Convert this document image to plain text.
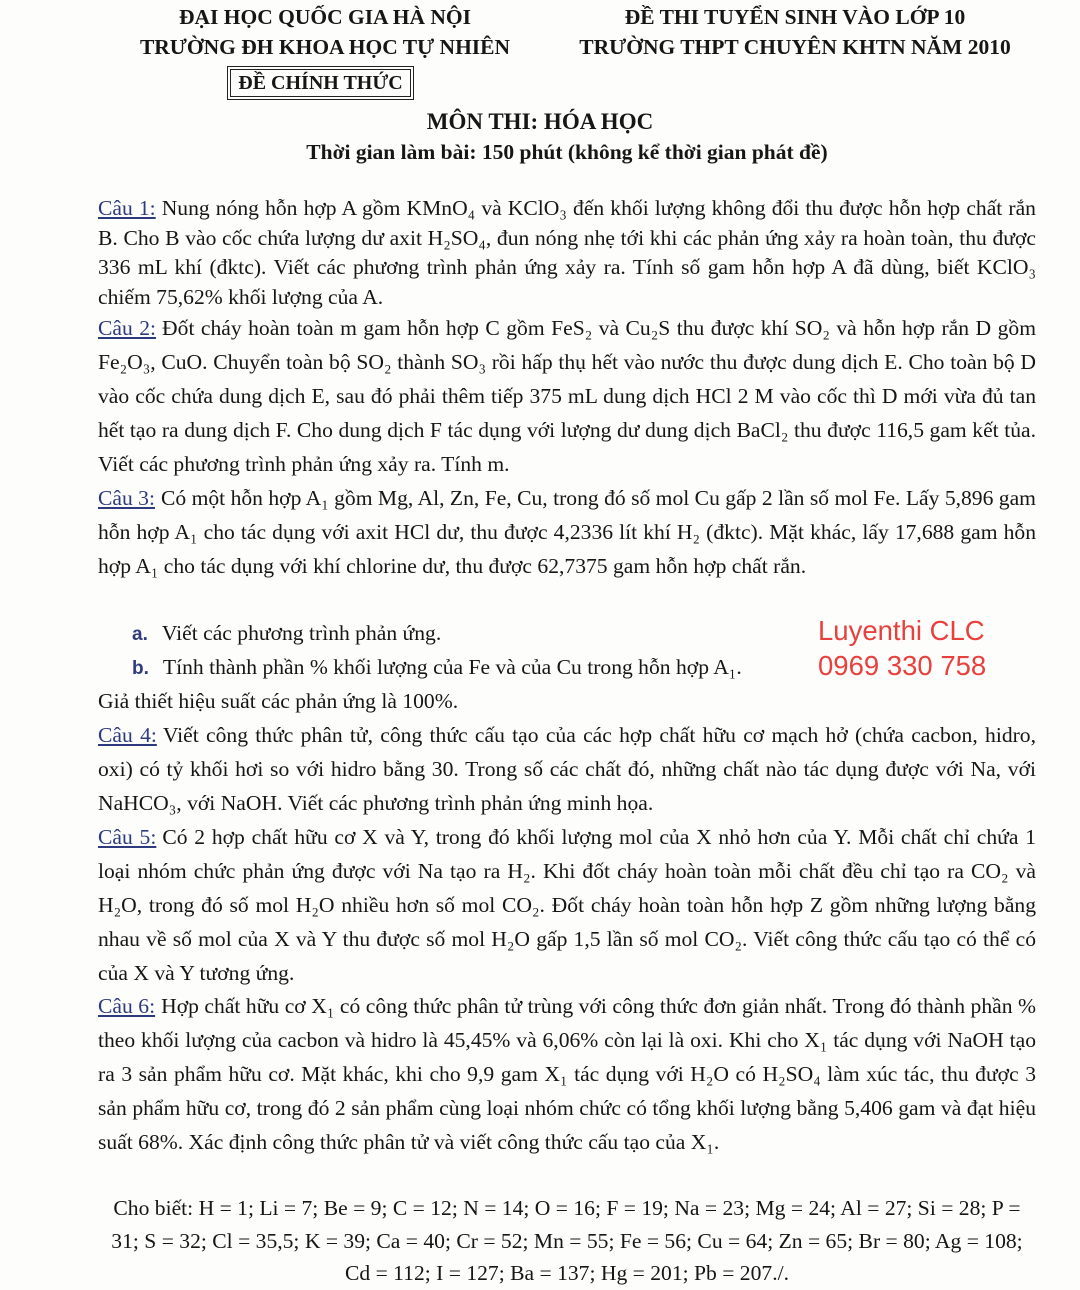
ĐẠI HỌC QUỐC GIA HÀ NỘI
TRƯỜNG ĐH KHOA HỌC TỰ NHIÊN
ĐỀ THI TUYỂN SINH VÀO LỚP 10
TRƯỜNG THPT CHUYÊN KHTN NĂM 2010
ĐỀ CHÍNH THỨC
MÔN THI: HÓA HỌC
Thời gian làm bài: 150 phút (không kể thời gian phát đề)
Câu 1: Nung nóng hỗn hợp A gồm KMnO₄ và KClO₃ đến khối lượng không đổi thu được hỗn hợp chất rắn B. Cho B vào cốc chứa lượng dư axit H₂SO₄, đun nóng nhẹ tới khi các phản ứng xảy ra hoàn toàn, thu được 336 mL khí (đktc). Viết các phương trình phản ứng xảy ra. Tính số gam hỗn hợp A đã dùng, biết KClO₃ chiếm 75,62% khối lượng của A.
Câu 2: Đốt cháy hoàn toàn m gam hỗn hợp C gồm FeS₂ và Cu₂S thu được khí SO₂ và hỗn hợp rắn D gồm Fe₂O₃, CuO. Chuyển toàn bộ SO₂ thành SO₃ rồi hấp thụ hết vào nước thu được dung dịch E. Cho toàn bộ D vào cốc chứa dung dịch E, sau đó phải thêm tiếp 375 mL dung dịch HCl 2 M vào cốc thì D mới vừa đủ tan hết tạo ra dung dịch F. Cho dung dịch F tác dụng với lượng dư dung dịch BaCl₂ thu được 116,5 gam kết tủa. Viết các phương trình phản ứng xảy ra. Tính m.
Câu 3: Có một hỗn hợp A₁ gồm Mg, Al, Zn, Fe, Cu, trong đó số mol Cu gấp 2 lần số mol Fe. Lấy 5,896 gam hỗn hợp A₁ cho tác dụng với axit HCl dư, thu được 4,2336 lít khí H₂ (đktc). Mặt khác, lấy 17,688 gam hỗn hợp A₁ cho tác dụng với khí chlorine dư, thu được 62,7375 gam hỗn hợp chất rắn.
a. Viết các phương trình phản ứng.
b. Tính thành phần % khối lượng của Fe và của Cu trong hỗn hợp A₁.
Giả thiết hiệu suất các phản ứng là 100%.
Luyenthi CLC
0969 330 758
Câu 4: Viết công thức phân tử, công thức cấu tạo của các hợp chất hữu cơ mạch hở (chứa cacbon, hidro, oxi) có tỷ khối hơi so với hidro bằng 30. Trong số các chất đó, những chất nào tác dụng được với Na, với NaHCO₃, với NaOH. Viết các phương trình phản ứng minh họa.
Câu 5: Có 2 hợp chất hữu cơ X và Y, trong đó khối lượng mol của X nhỏ hơn của Y. Mỗi chất chỉ chứa 1 loại nhóm chức phản ứng được với Na tạo ra H₂. Khi đốt cháy hoàn toàn mỗi chất đều chỉ tạo ra CO₂ và H₂O, trong đó số mol H₂O nhiều hơn số mol CO₂. Đốt cháy hoàn toàn hỗn hợp Z gồm những lượng bằng nhau về số mol của X và Y thu được số mol H₂O gấp 1,5 lần số mol CO₂. Viết công thức cấu tạo có thể có của X và Y tương ứng.
Câu 6: Hợp chất hữu cơ X₁ có công thức phân tử trùng với công thức đơn giản nhất. Trong đó thành phần % theo khối lượng của cacbon và hidro là 45,45% và 6,06% còn lại là oxi. Khi cho X₁ tác dụng với NaOH tạo ra 3 sản phẩm hữu cơ. Mặt khác, khi cho 9,9 gam X₁ tác dụng với H₂O có H₂SO₄ làm xúc tác, thu được 3 sản phẩm hữu cơ, trong đó 2 sản phẩm cùng loại nhóm chức có tổng khối lượng bằng 5,406 gam và đạt hiệu suất 68%. Xác định công thức phân tử và viết công thức cấu tạo của X₁.
Cho biết: H = 1; Li = 7; Be = 9; C = 12; N = 14; O = 16; F = 19; Na = 23; Mg = 24; Al = 27; Si = 28; P = 31; S = 32; Cl = 35,5; K = 39; Ca = 40; Cr = 52; Mn = 55; Fe = 56; Cu = 64; Zn = 65; Br = 80; Ag = 108; Cd = 112; I = 127; Ba = 137; Hg = 201; Pb = 207./.
